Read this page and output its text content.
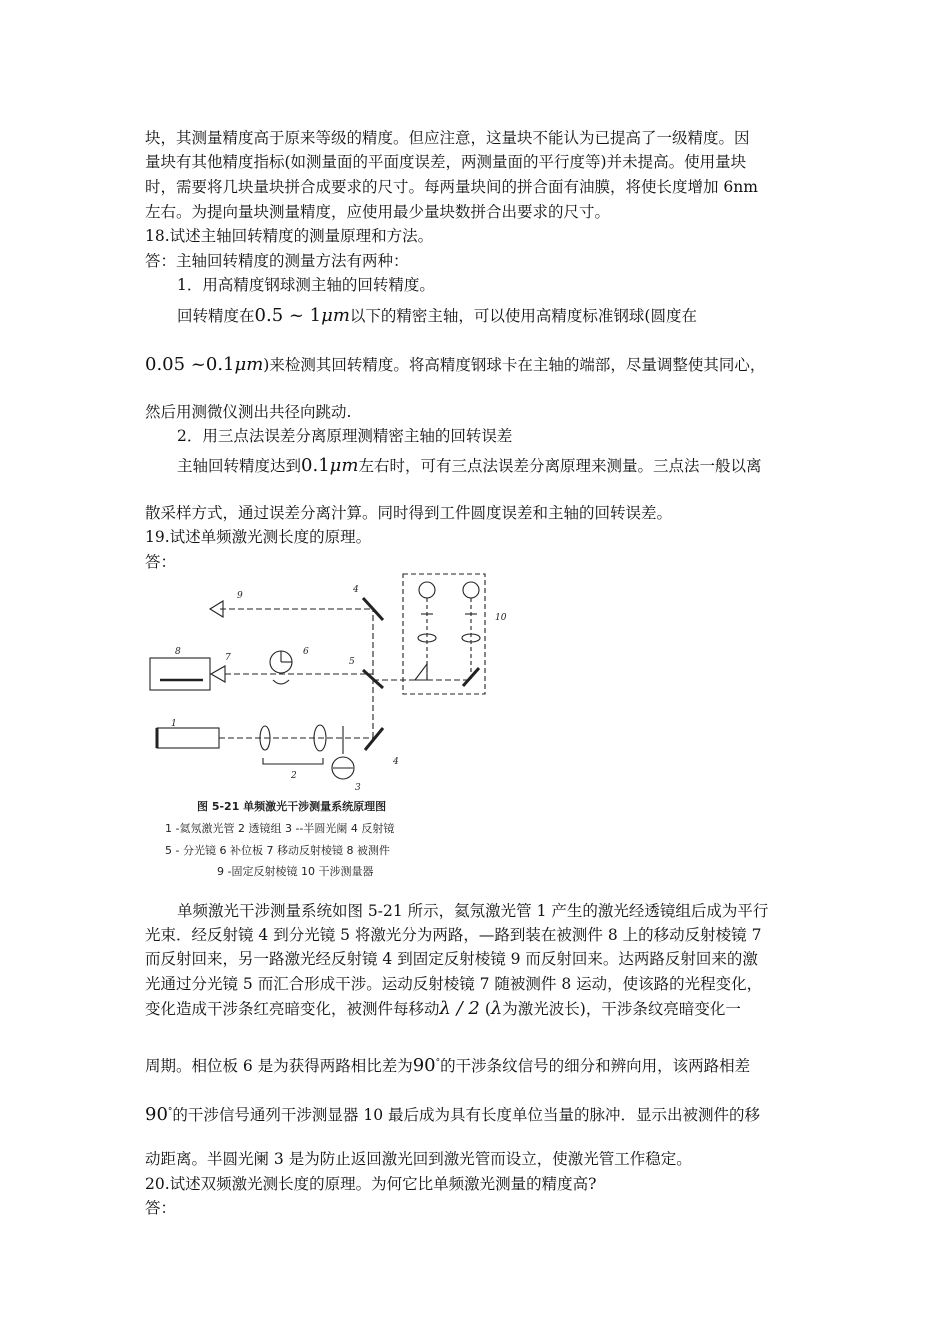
块，其测量精度高于原来等级的精度。但应注意，这量块不能认为已提高了一级精度。因
量块有其他精度指标(如测量面的平面度误差，两测量面的平行度等)并未提高。使用量块
时，需要将几块量块拼合成要求的尺寸。每两量块间的拼合面有油膜，将使长度增加 6nm
左右。为提向量块测量精度，应使用最少量块数拼合出要求的尺寸。
18.试述主轴回转精度的测量原理和方法。
答：主轴回转精度的测量方法有两种：
1．用高精度钢球测主轴的回转精度。
回转精度在0.5 ~ 1μm以下的精密主轴，可以使用高精度标准钢球(圆度在
0.05 ~0.1μm)来检测其回转精度。将高精度钢球卡在主轴的端部，尽量调整使其同心，
然后用测微仪测出共径向跳动.
2．用三点法误差分离原理测精密主轴的回转误差
主轴回转精度达到0.1μm左右时，可有三点法误差分离原理来测量。三点法一般以离
散采样方式，通过误差分离汁算。同时得到工件圆度误差和主轴的回转误差。
19.试述单频激光测长度的原理。
答：
1
2
3
4
4
5
6
7
8
9
10
图 5-21 单频激光干涉测量系统原理图
1 -氦氖激光管 2 透镜组 3 --半圆光阑 4 反射镜
5 - 分光镜 6 补位板 7 移动反射棱镜 8 被测件
9 -固定反射棱镜 10 干涉测量器
单频激光干涉测量系统如图 5-21 所示，氦氖激光管 1 产生的激光经透镜组后成为平行
光束．经反射镜 4 到分光镜 5 将激光分为两路，—路到装在被测件 8 上的移动反射棱镜 7
而反射回来，另一路激光经反射镜 4 到固定反射棱镜 9 而反射回来。达两路反射回来的激
光通过分光镜 5 而汇合形成干涉。运动反射棱镜 7 随被测件 8 运动，使该路的光程变化，
变化造成干涉条红亮暗变化，被测件每移动λ / 2 (λ为激光波长)，干涉条纹亮暗变化一
周期。相位板 6 是为获得两路相比差为90°的干涉条纹信号的细分和辨向用，该两路相差
90°的干涉信号通列干涉测显器 10 最后成为具有长度单位当量的脉冲．显示出被测件的移
动距离。半圆光阑 3 是为防止返回激光回到激光管而设立，使激光管工作稳定。
20.试述双频激光测长度的原理。为何它比单频激光测量的精度高?
答：
